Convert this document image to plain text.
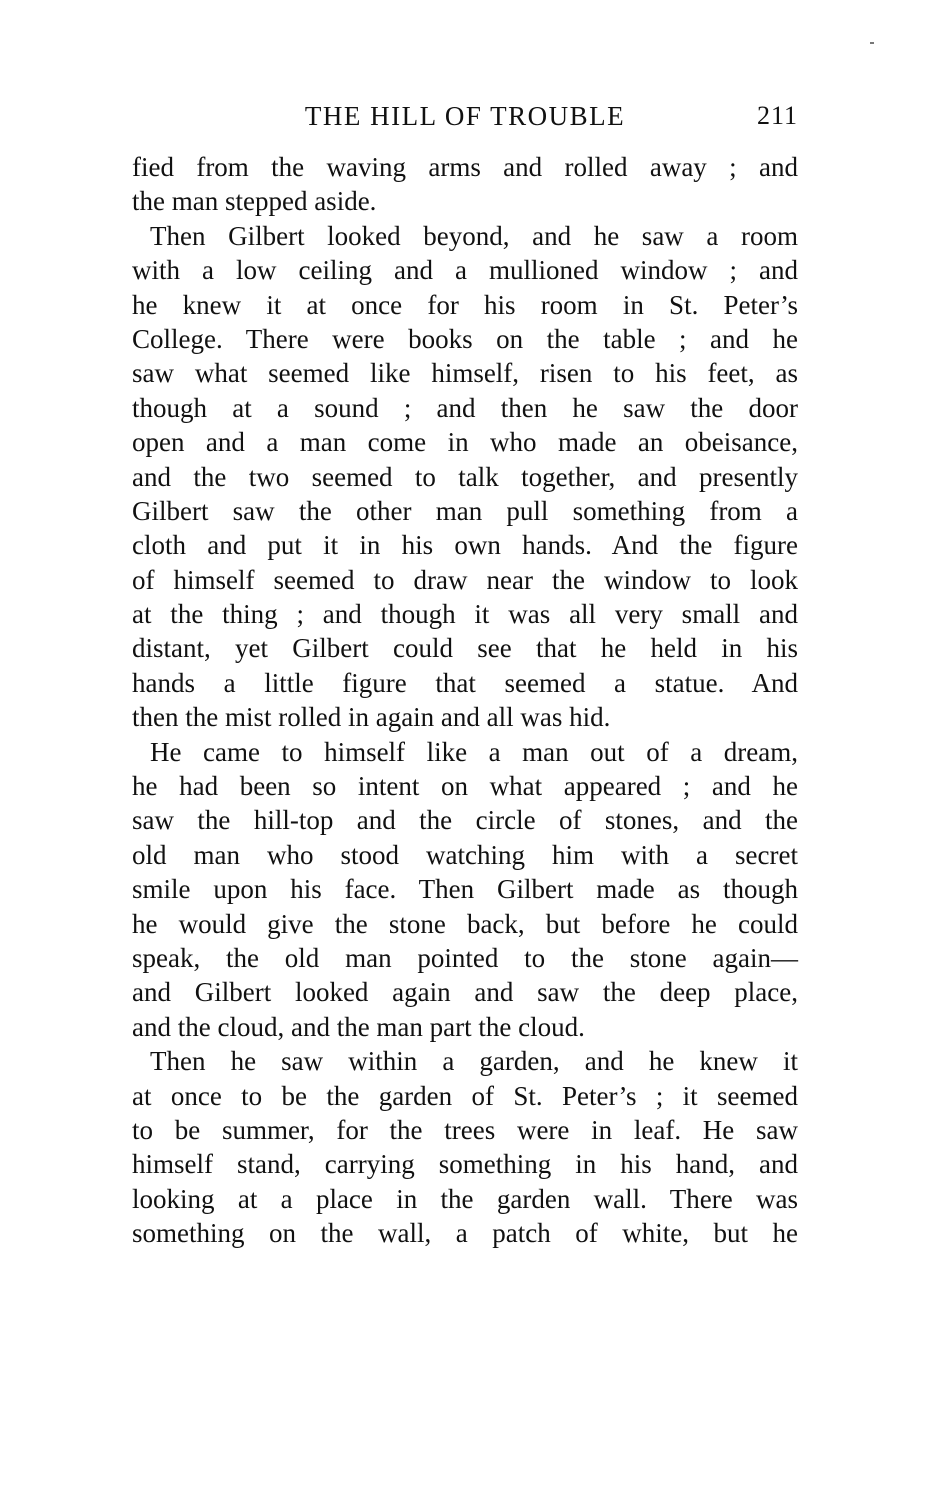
THE HILL OF TROUBLE	211
fied from the waving arms and rolled away ; and
the man stepped aside.
Then Gilbert looked beyond, and he saw a room
with a low ceiling and a mullioned window ; and
he knew it at once for his room in St. Peter’s
College. There were books on the table ; and he
saw what seemed like himself, risen to his feet, as
though at a sound ; and then he saw the door
open and a man come in who made an obeisance,
and the two seemed to talk together, and presently
Gilbert saw the other man pull something from a
cloth and put it in his own hands. And the figure
of himself seemed to draw near the window to look
at the thing ; and though it was all very small and
distant, yet Gilbert could see that he held in his
hands a little figure that seemed a statue. And
then the mist rolled in again and all was hid.
He came to himself like a man out of a dream,
he had been so intent on what appeared ; and he
saw the hill-top and the circle of stones, and the
old man who stood watching him with a secret
smile upon his face. Then Gilbert made as though
he would give the stone back, but before he could
speak, the old man pointed to the stone again—
and Gilbert looked again and saw the deep place,
and the cloud, and the man part the cloud.
Then he saw within a garden, and he knew it
at once to be the garden of St. Peter’s ; it seemed
to be summer, for the trees were in leaf. He saw
himself stand, carrying something in his hand, and
looking at a place in the garden wall. There was
something on the wall, a patch of white, but he
